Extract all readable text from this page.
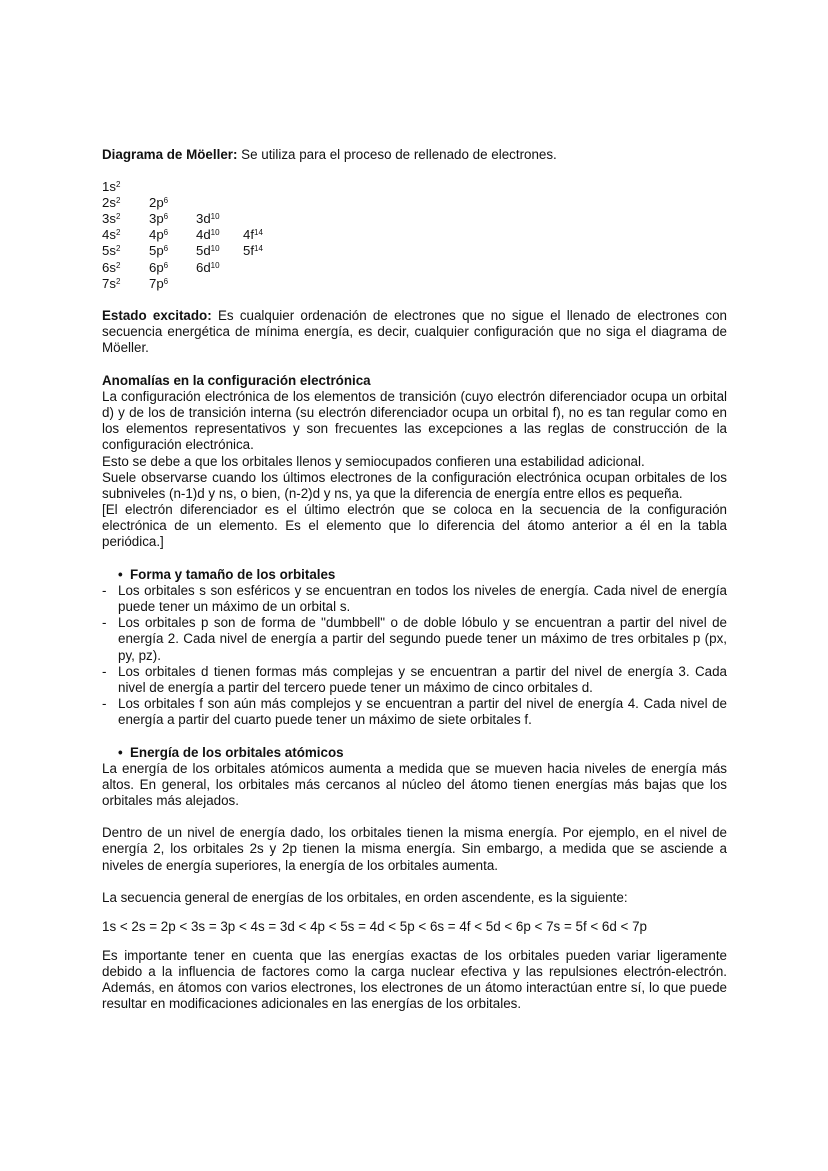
Diagrama de Möeller: Se utiliza para el proceso de rellenado de electrones.

$1s^2$
$2s^2$	$2p^6$
$3s^2$	$3p^6$	$3d^{10}$
$4s^2$	$4p^6$	$4d^{10}$	$4f^{14}$
$5s^2$	$5p^6$	$5d^{10}$	$5f^{14}$
$6s^2$	$6p^6$	$6d^{10}$
$7s^2$	$7p^6$

Estado excitado: Es cualquier ordenación de electrones que no sigue el llenado de electrones con secuencia energética de mínima energía, es decir, cualquier configuración que no siga el diagrama de Möeller.

Anomalías en la configuración electrónica

La configuración electrónica de los elementos de transición (cuyo electrón diferenciador ocupa un orbital d) y de los de transición interna (su electrón diferenciador ocupa un orbital f), no es tan regular como en los elementos representativos y son frecuentes las excepciones a las reglas de construcción de la configuración electrónica.

Esto se debe a que los orbitales llenos y semiocupados confieren una estabilidad adicional.

Suele observarse cuando los últimos electrones de la configuración electrónica ocupan orbitales de los subniveles (n-1)d y ns, o bien, (n-2)d y ns, ya que la diferencia de energía entre ellos es pequeña.

[El electrón diferenciador es el último electrón que se coloca en la secuencia de la configuración electrónica de un elemento. Es el elemento que lo diferencia del átomo anterior a él en la tabla periódica.]

• Forma y tamaño de los orbitales

- Los orbitales s son esféricos y se encuentran en todos los niveles de energía. Cada nivel de energía puede tener un máximo de un orbital s.
- Los orbitales p son de forma de "dumbbell" o de doble lóbulo y se encuentran a partir del nivel de energía 2. Cada nivel de energía a partir del segundo puede tener un máximo de tres orbitales p (px, py, pz).
- Los orbitales d tienen formas más complejas y se encuentran a partir del nivel de energía 3. Cada nivel de energía a partir del tercero puede tener un máximo de cinco orbitales d.
- Los orbitales f son aún más complejos y se encuentran a partir del nivel de energía 4. Cada nivel de energía a partir del cuarto puede tener un máximo de siete orbitales f.

• Energía de los orbitales atómicos

La energía de los orbitales atómicos aumenta a medida que se mueven hacia niveles de energía más altos. En general, los orbitales más cercanos al núcleo del átomo tienen energías más bajas que los orbitales más alejados.

Dentro de un nivel de energía dado, los orbitales tienen la misma energía. Por ejemplo, en el nivel de energía 2, los orbitales 2s y 2p tienen la misma energía. Sin embargo, a medida que se asciende a niveles de energía superiores, la energía de los orbitales aumenta.

La secuencia general de energías de los orbitales, en orden ascendente, es la siguiente:

1s < 2s = 2p < 3s = 3p < 4s = 3d < 4p < 5s = 4d < 5p < 6s = 4f < 5d < 6p < 7s = 5f < 6d < 7p

Es importante tener en cuenta que las energías exactas de los orbitales pueden variar ligeramente debido a la influencia de factores como la carga nuclear efectiva y las repulsiones electrón-electrón. Además, en átomos con varios electrones, los electrones de un átomo interactúan entre sí, lo que puede resultar en modificaciones adicionales en las energías de los orbitales.
